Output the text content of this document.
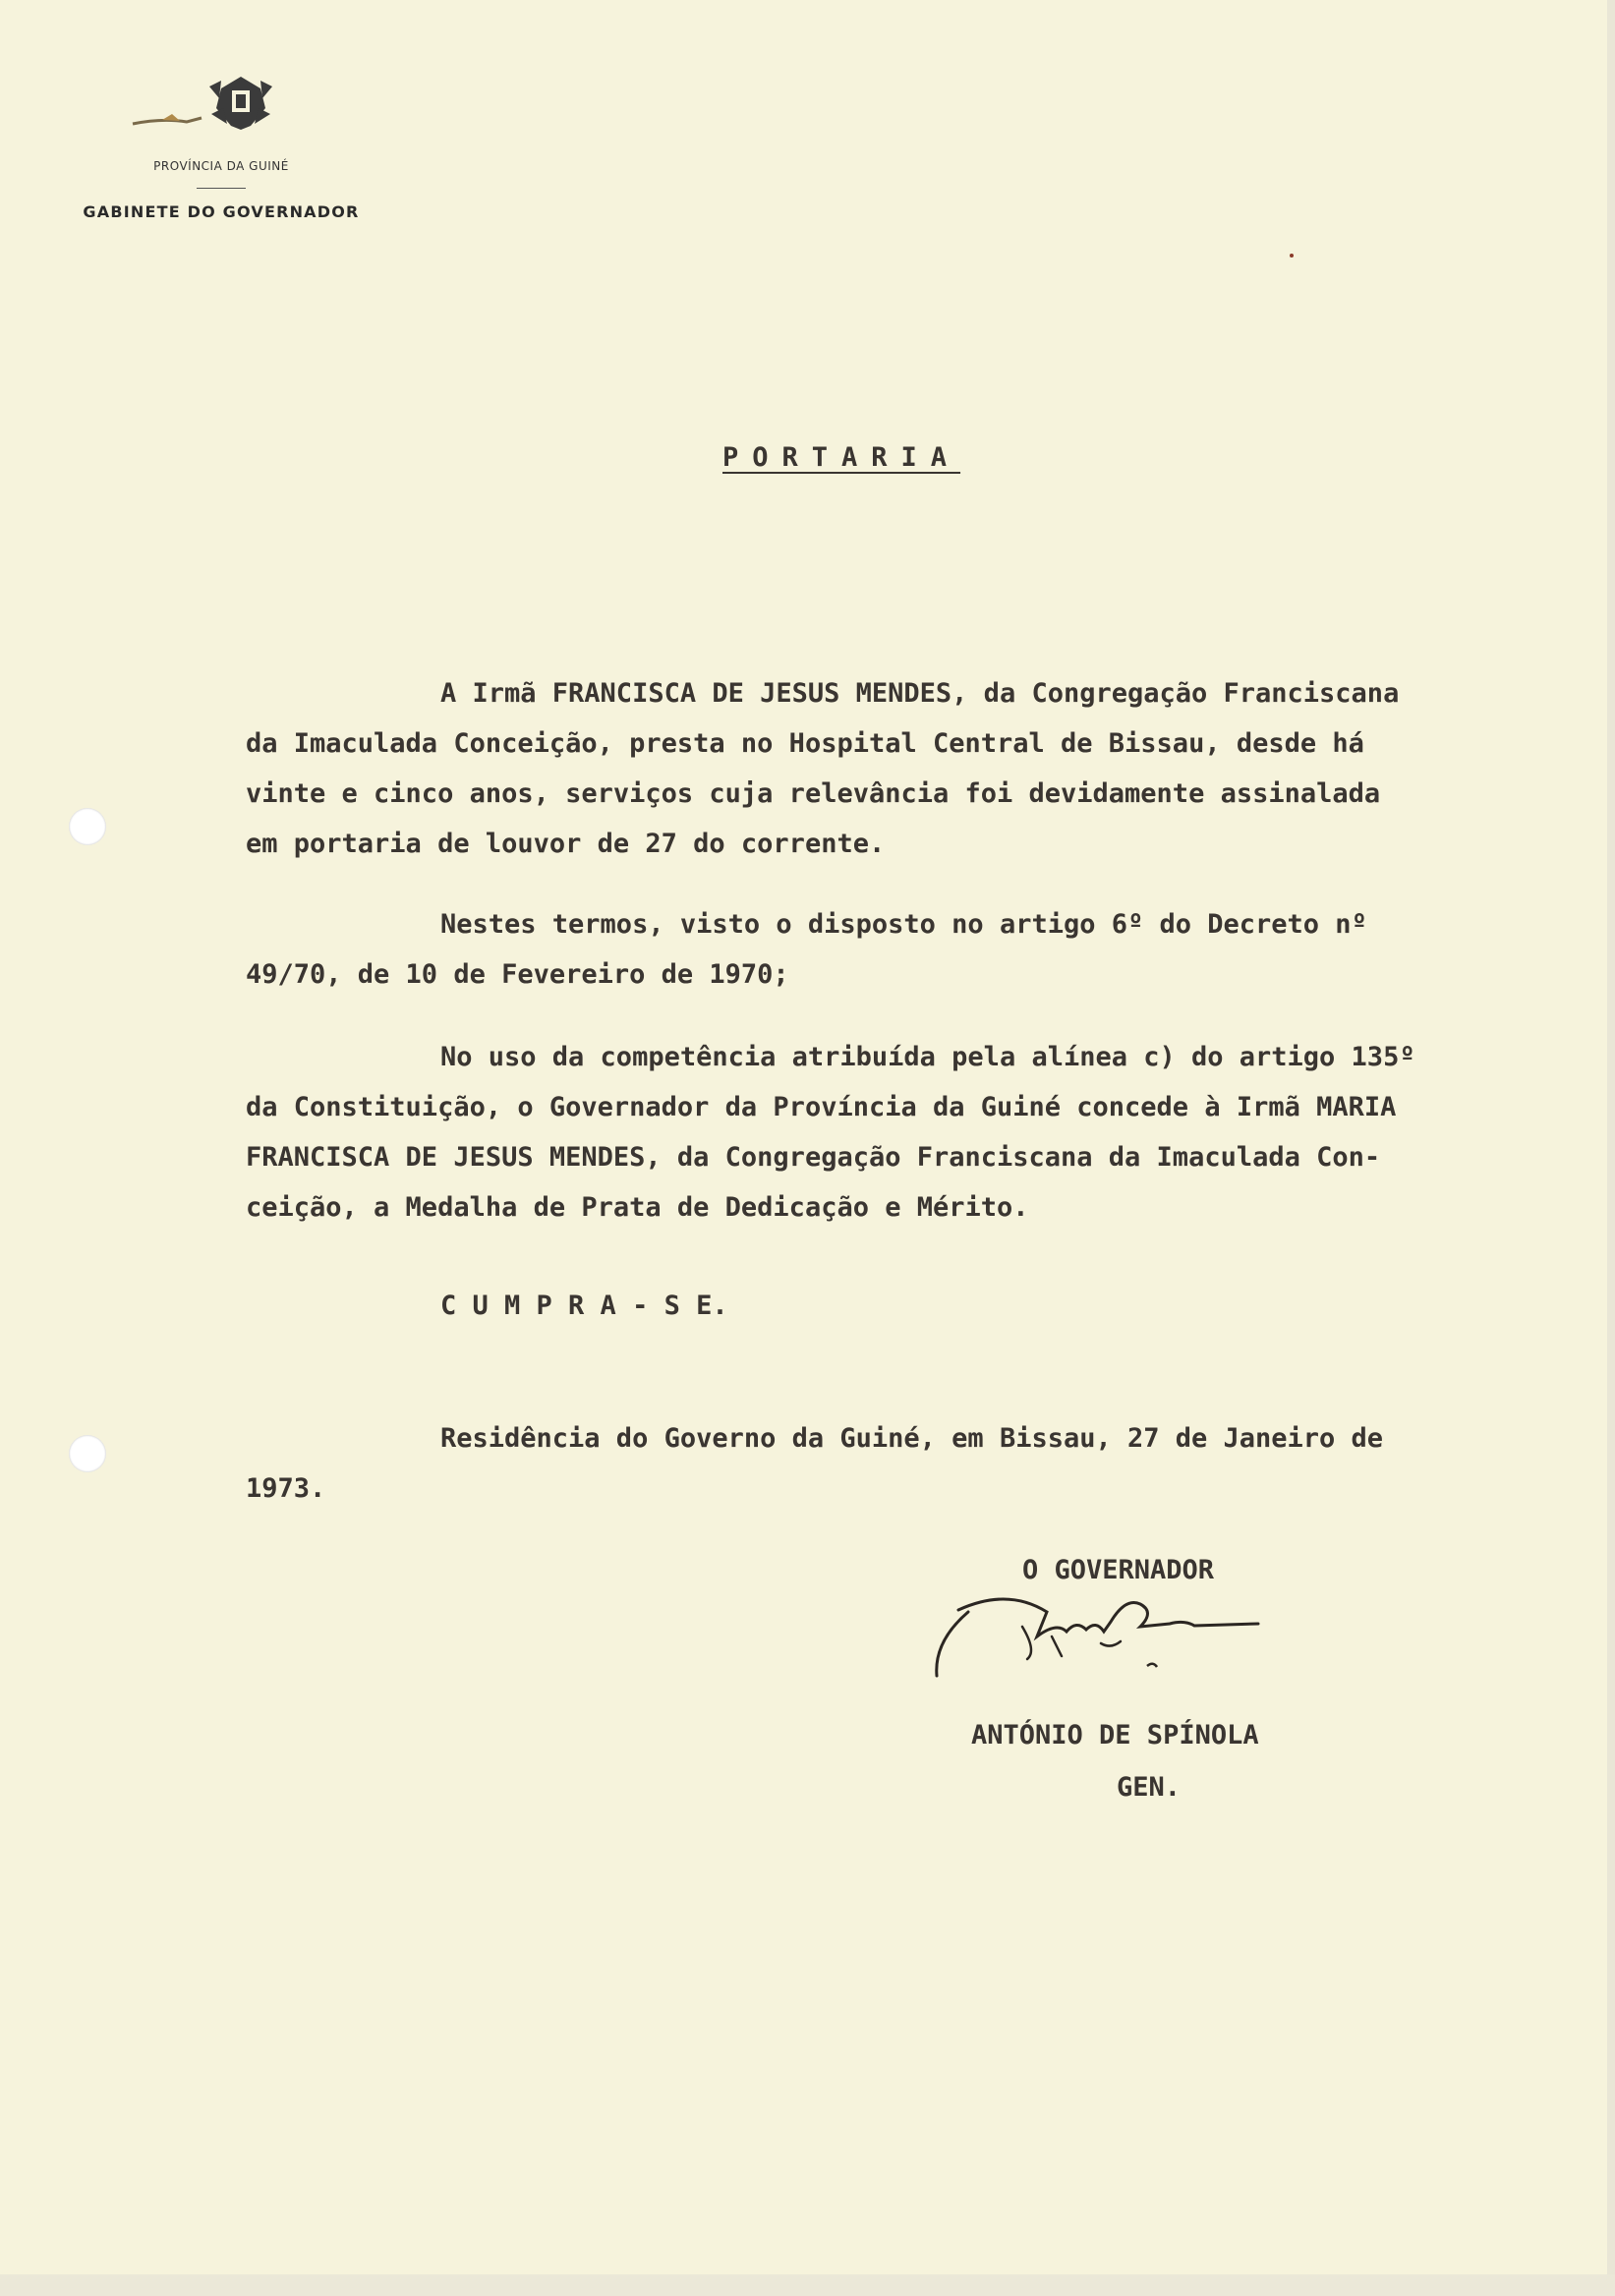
PROVÍNCIA DA GUINÉ
GABINETE DO GOVERNADOR
PORTARIA
A Irmã FRANCISCA DE JESUS MENDES, da Congregação Franciscana
da Imaculada Conceição, presta no Hospital Central de Bissau, desde há
vinte e cinco anos, serviços cuja relevância foi devidamente assinalada
em portaria de louvor de 27 do corrente.
Nestes termos, visto o disposto no artigo 6º do Decreto nº
49/70, de 10 de Fevereiro de 1970;
No uso da competência atribuída pela alínea c) do artigo 135º
da Constituição, o Governador da Província da Guiné concede à Irmã MARIA
FRANCISCA DE JESUS MENDES, da Congregação Franciscana da Imaculada Con-
ceição, a Medalha de Prata de Dedicação e Mérito.
C U M P R A - S E.
Residência do Governo da Guiné, em Bissau, 27 de Janeiro de
1973.
O GOVERNADOR
ANTÓNIO DE SPÍNOLA
GEN.
